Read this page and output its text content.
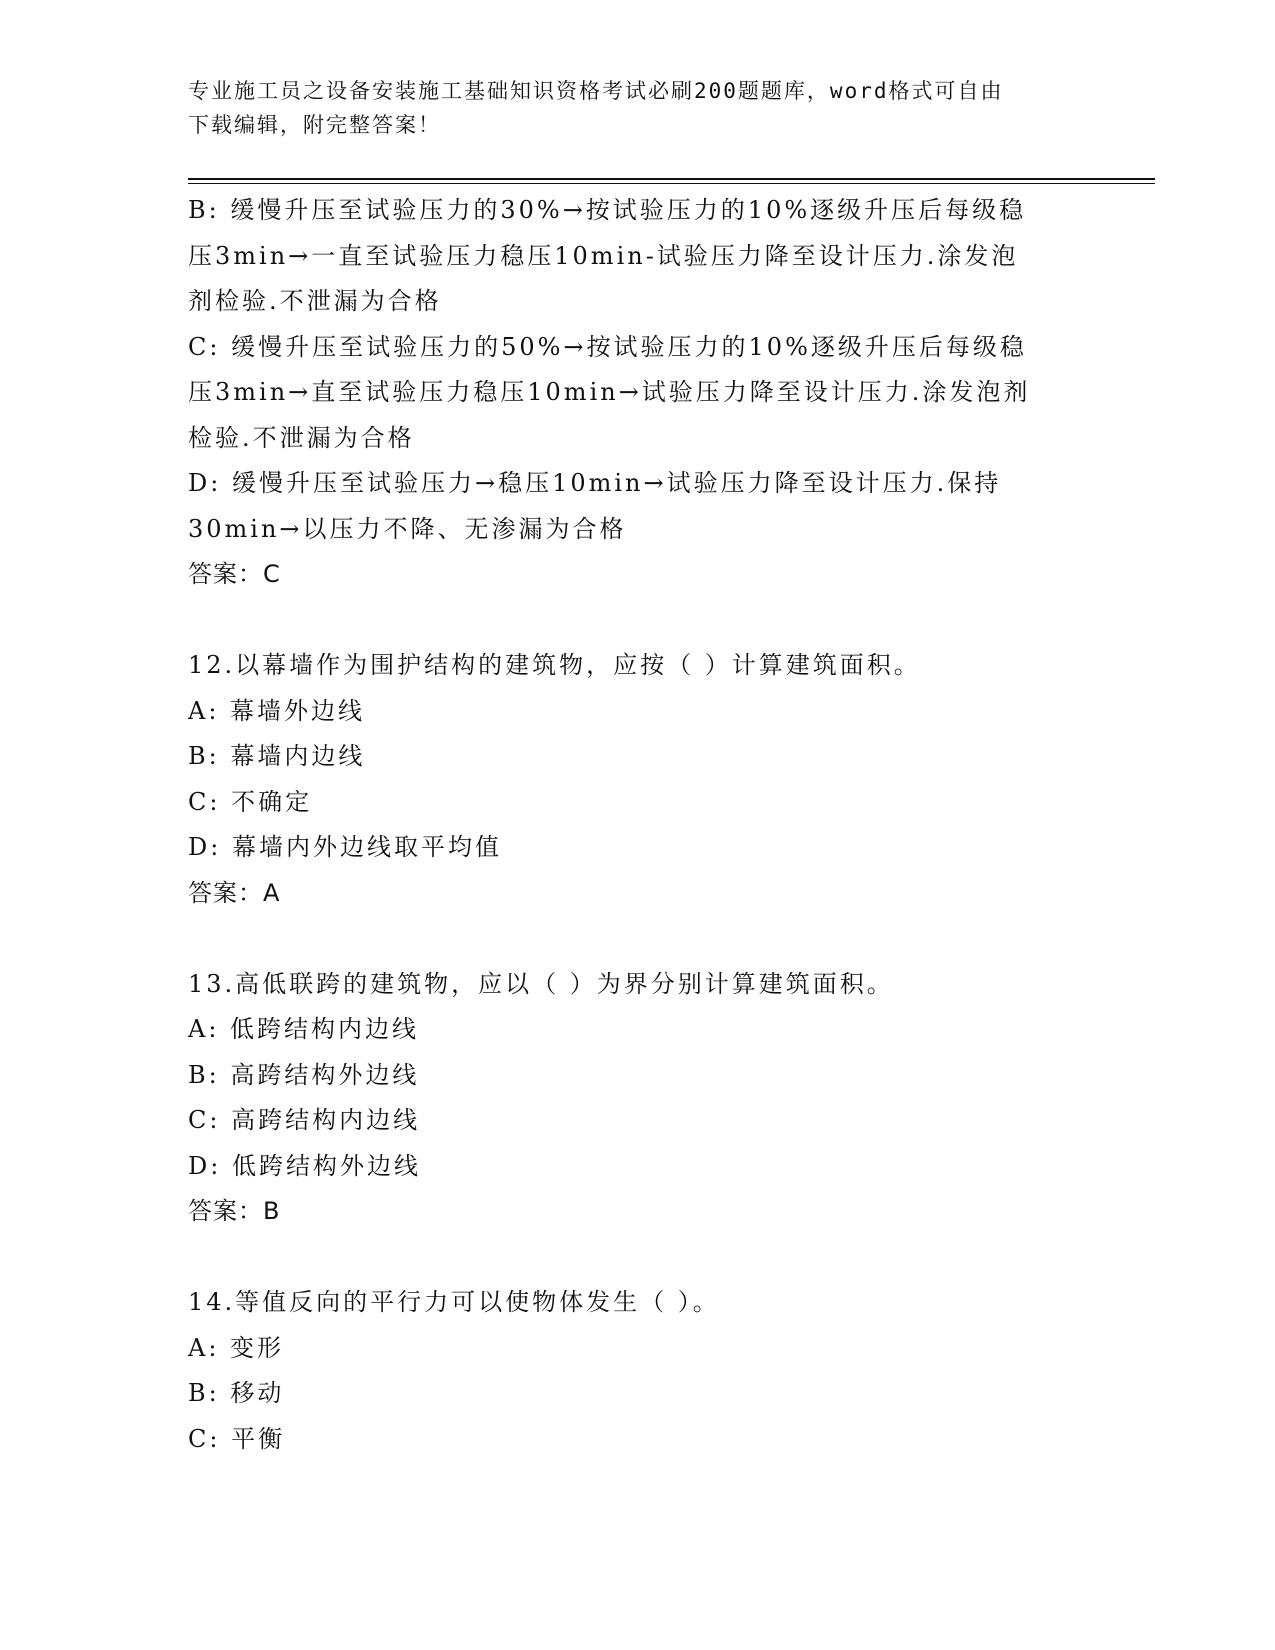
专业施工员之设备安装施工基础知识资格考试必刷200题题库，word格式可自由
下载编辑，附完整答案！
B: 缓慢升压至试验压力的30%→按试验压力的10%逐级升压后每级稳
压3min→一直至试验压力稳压10min-试验压力降至设计压力.涂发泡
剂检验.不泄漏为合格
C: 缓慢升压至试验压力的50%→按试验压力的10%逐级升压后每级稳
压3min→直至试验压力稳压10min→试验压力降至设计压力.涂发泡剂
检验.不泄漏为合格
D: 缓慢升压至试验压力→稳压10min→试验压力降至设计压力.保持
30min→以压力不降、无渗漏为合格
答案：C
12.以幕墙作为围护结构的建筑物，应按（ ）计算建筑面积。
A: 幕墙外边线
B: 幕墙内边线
C: 不确定
D: 幕墙内外边线取平均值
答案：A
13.高低联跨的建筑物，应以（ ）为界分别计算建筑面积。
A: 低跨结构内边线
B: 高跨结构外边线
C: 高跨结构内边线
D: 低跨结构外边线
答案：B
14.等值反向的平行力可以使物体发生（ ）。
A: 变形
B: 移动
C: 平衡
